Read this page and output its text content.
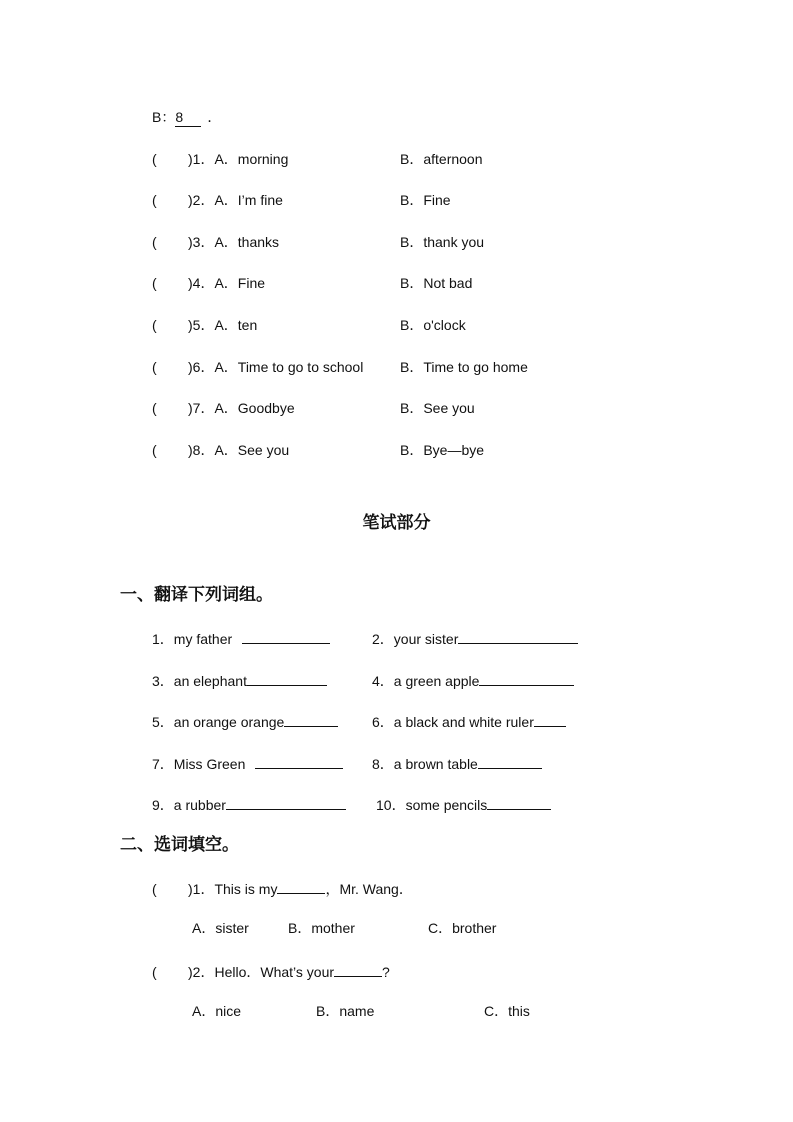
B：8 ．
( )1．A．morning	B．afternoon
( )2．A．I’m fine	B．Fine
( )3．A．thanks	B．thank you
( )4．A．Fine	B．Not bad
( )5．A．ten	B．o'clock
( )6．A．Time to go to school	B．Time to go home
( )7．A．Goodbye	B．See you
( )8．A．See you	B．Bye—bye
笔试部分
一、翻译下列词组。
1．my father	2．your sister
3．an elephant	4．a green apple
5．an orange orange	6．a black and white ruler
7．Miss Green	8．a brown table
9．a rubber	10．some pencils
二、选词填空。
( )1．This is my	，Mr. Wang．
A．sister	B．mother	C．brother
( )2．Hello．What’s your	?
A．nice	B．name	C．this
